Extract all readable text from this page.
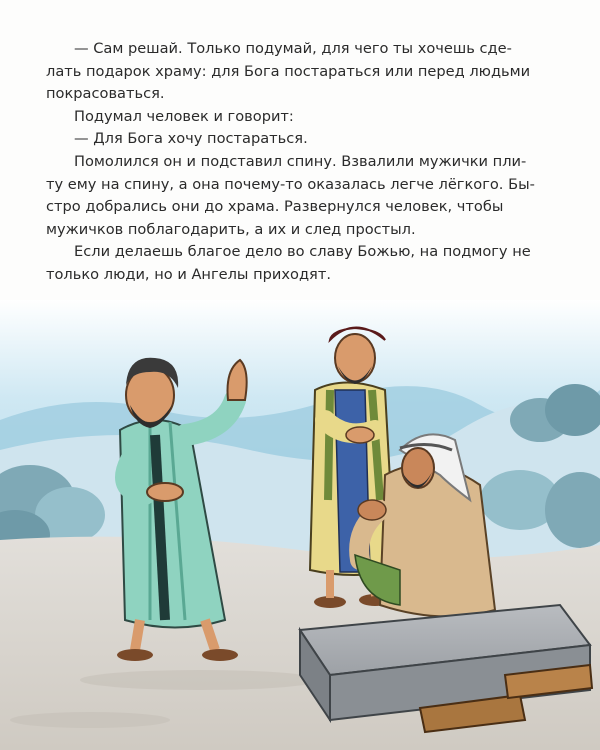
— Сам решай. Только подумай, для чего ты хочешь сде-
лать подарок храму: для Бога постараться или перед людьми
покрасоваться.

Подумал человек и говорит:

— Для Бога хочу постараться.

Помолился он и подставил спину. Взвалили мужички пли-
ту ему на спину, а она почему-то оказалась легче лёгкого. Бы-
стро добрались они до храма. Развернулся человек, чтобы
мужичков поблагодарить, а их и след простыл.

Если делаешь благое дело во славу Божью, на подмогу не
только люди, но и Ангелы приходят.
